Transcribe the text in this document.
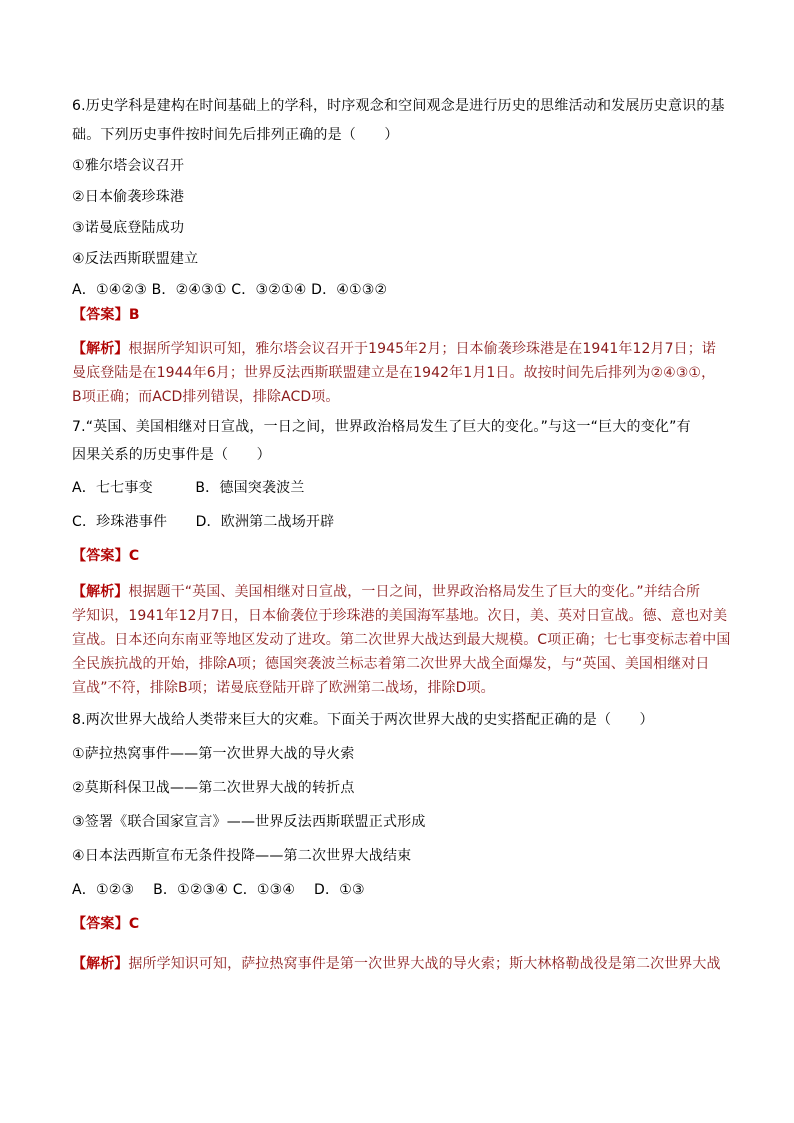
6.历史学科是建构在时间基础上的学科，时序观念和空间观念是进行历史的思维活动和发展历史意识的基
础。下列历史事件按时间先后排列正确的是（　　）
①雅尔塔会议召开
②日本偷袭珍珠港
③诺曼底登陆成功
④反法西斯联盟建立
A．①④②③ B．②④③① C．③②①④ D．④①③②
【答案】B
【解析】根据所学知识可知，雅尔塔会议召开于1945年2月；日本偷袭珍珠港是在1941年12月7日；诺
曼底登陆是在1944年6月；世界反法西斯联盟建立是在1942年1月1日。故按时间先后排列为②④③①，
B项正确；而ACD排列错误，排除ACD项。
7.“英国、美国相继对日宣战，一日之间，世界政治格局发生了巨大的变化。”与这一“巨大的变化”有
因果关系的历史事件是（　　）
A．七七事变　　　B．德国突袭波兰
C．珍珠港事件　　D．欧洲第二战场开辟
【答案】C
【解析】根据题干“英国、美国相继对日宣战，一日之间，世界政治格局发生了巨大的变化。”并结合所
学知识，1941年12月7日，日本偷袭位于珍珠港的美国海军基地。次日，美、英对日宣战。德、意也对美
宣战。日本还向东南亚等地区发动了进攻。第二次世界大战达到最大规模。C项正确；七七事变标志着中国
全民族抗战的开始，排除A项；德国突袭波兰标志着第二次世界大战全面爆发，与“英国、美国相继对日
宣战”不符，排除B项；诺曼底登陆开辟了欧洲第二战场，排除D项。
8.两次世界大战给人类带来巨大的灾难。下面关于两次世界大战的史实搭配正确的是（　　）
①萨拉热窝事件——第一次世界大战的导火索
②莫斯科保卫战——第二次世界大战的转折点
③签署《联合国家宣言》——世界反法西斯联盟正式形成
④日本法西斯宣布无条件投降——第二次世界大战结束
A．①②③　 B．①②③④ C．①③④　 D．①③
【答案】C
【解析】据所学知识可知，萨拉热窝事件是第一次世界大战的导火索；斯大林格勒战役是第二次世界大战
